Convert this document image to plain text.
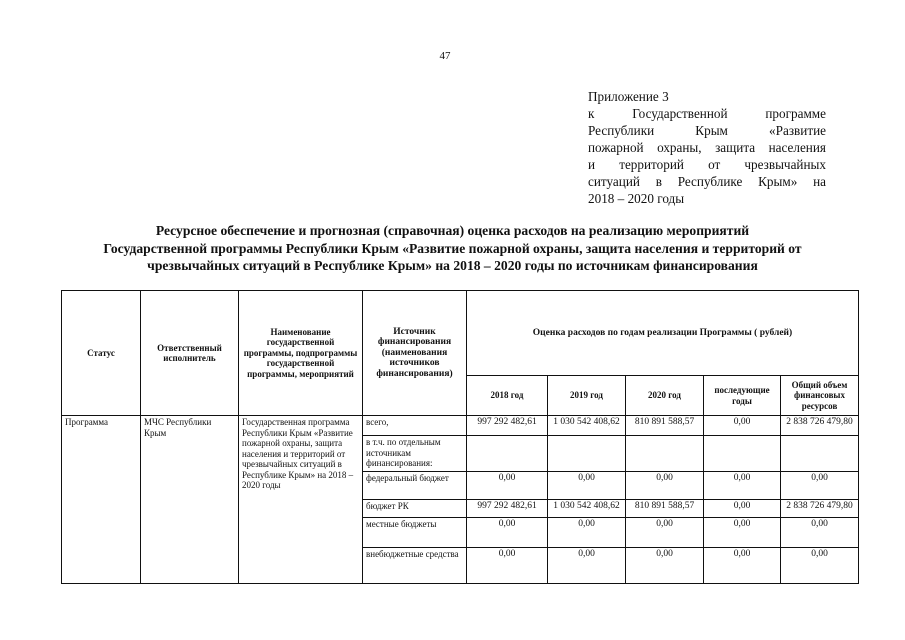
47
Приложение 3
к Государственной программе
Республики Крым «Развитие
пожарной охраны, защита населения
и территорий от чрезвычайных
ситуаций в Республике Крым» на
2018 – 2020 годы
Ресурсное обеспечение и прогнозная (справочная) оценка расходов на реализацию мероприятий
Государственной программы Республики Крым «Развитие пожарной охраны, защита населения и территорий от
чрезвычайных ситуаций в Республике Крым» на 2018 – 2020 годы по источникам финансирования
Статус	Ответственный исполнитель	Наименование государственной программы, подпрограммы государственной программы, мероприятий	Источник финансирования (наименования источников финансирования)	Оценка расходов по годам реализации Программы ( рублей)				
				2018 год	2019 год	2020 год	последующие годы	Общий объем финансовых ресурсов
Программа	МЧС Республики Крым	Государственная программа Республики Крым «Развитие пожарной охраны, защита населения и территорий от чрезвычайных ситуаций в Республике Крым» на 2018 – 2020 годы	всего,	997 292 482,61	1 030 542 408,62	810 891 588,57	0,00	2 838 726 479,80
			в т.ч. по отдельным источникам финансирования:					
			федеральный бюджет	0,00	0,00	0,00	0,00	0,00
			бюджет РК	997 292 482,61	1 030 542 408,62	810 891 588,57	0,00	2 838 726 479,80
			местные бюджеты	0,00	0,00	0,00	0,00	0,00
			внебюджетные средства	0,00	0,00	0,00	0,00	0,00
